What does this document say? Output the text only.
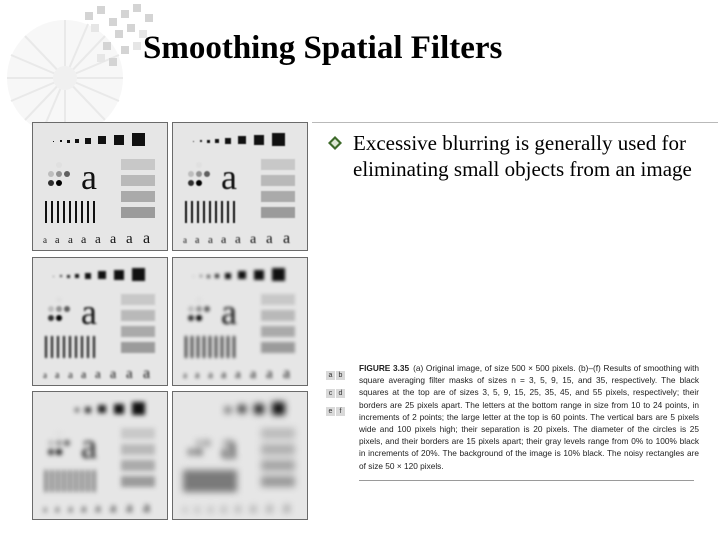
Smoothing Spatial Filters
Excessive blurring is generally used for eliminating small objects from an image
a
a a a a a a a a
a
a a a a a a a a
a
a a a a a a a a
a
a a a a a a a a
a
a a a a a a a a
a
a a a a a a a a
a b
c d
e f
FIGURE 3.35 (a) Original image, of size 500 × 500 pixels. (b)–(f) Results of smoothing with square averaging filter masks of sizes n = 3, 5, 9, 15, and 35, respectively. The black squares at the top are of sizes 3, 5, 9, 15, 25, 35, 45, and 55 pixels, respectively; their borders are 25 pixels apart. The letters at the bottom range in size from 10 to 24 points, in increments of 2 points; the large letter at the top is 60 points. The vertical bars are 5 pixels wide and 100 pixels high; their separation is 20 pixels. The diameter of the circles is 25 pixels, and their borders are 15 pixels apart; their gray levels range from 0% to 100% black in increments of 20%. The background of the image is 10% black. The noisy rectangles are of size 50 × 120 pixels.
